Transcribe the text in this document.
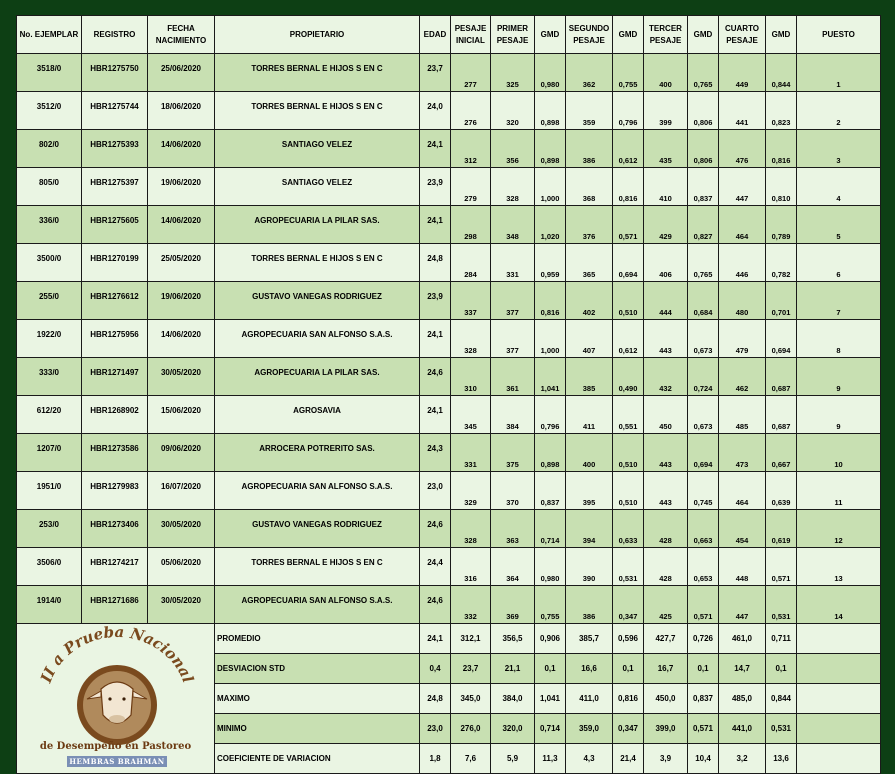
No. EJEMPLAR	REGISTRO	FECHA NACIMIENTO	PROPIETARIO	EDAD	PESAJE INICIAL	PRIMER PESAJE	GMD	SEGUNDO PESAJE	GMD	TERCER PESAJE	GMD	CUARTO PESAJE	GMD	PUESTO
3518/0	HBR1275750	25/06/2020	TORRES BERNAL E HIJOS S EN C	23,7	277	325	0,980	362	0,755	400	0,765	449	0,844	1
3512/0	HBR1275744	18/06/2020	TORRES BERNAL E HIJOS S EN C	24,0	276	320	0,898	359	0,796	399	0,806	441	0,823	2
802/0	HBR1275393	14/06/2020	SANTIAGO VELEZ	24,1	312	356	0,898	386	0,612	435	0,806	476	0,816	3
805/0	HBR1275397	19/06/2020	SANTIAGO VELEZ	23,9	279	328	1,000	368	0,816	410	0,837	447	0,810	4
336/0	HBR1275605	14/06/2020	AGROPECUARIA LA PILAR SAS.	24,1	298	348	1,020	376	0,571	429	0,827	464	0,789	5
3500/0	HBR1270199	25/05/2020	TORRES BERNAL E HIJOS S EN C	24,8	284	331	0,959	365	0,694	406	0,765	446	0,782	6
255/0	HBR1276612	19/06/2020	GUSTAVO VANEGAS RODRIGUEZ	23,9	337	377	0,816	402	0,510	444	0,684	480	0,701	7
1922/0	HBR1275956	14/06/2020	AGROPECUARIA SAN ALFONSO S.A.S.	24,1	328	377	1,000	407	0,612	443	0,673	479	0,694	8
333/0	HBR1271497	30/05/2020	AGROPECUARIA LA PILAR SAS.	24,6	310	361	1,041	385	0,490	432	0,724	462	0,687	9
612/20	HBR1268902	15/06/2020	AGROSAVIA	24,1	345	384	0,796	411	0,551	450	0,673	485	0,687	9
1207/0	HBR1273586	09/06/2020	ARROCERA POTRERITO SAS.	24,3	331	375	0,898	400	0,510	443	0,694	473	0,667	10
1951/0	HBR1279983	16/07/2020	AGROPECUARIA SAN ALFONSO S.A.S.	23,0	329	370	0,837	395	0,510	443	0,745	464	0,639	11
253/0	HBR1273406	30/05/2020	GUSTAVO VANEGAS RODRIGUEZ	24,6	328	363	0,714	394	0,633	428	0,663	454	0,619	12
3506/0	HBR1274217	05/06/2020	TORRES BERNAL E HIJOS S EN C	24,4	316	364	0,980	390	0,531	428	0,653	448	0,571	13
1914/0	HBR1271686	30/05/2020	AGROPECUARIA SAN ALFONSO S.A.S.	24,6	332	369	0,755	386	0,347	425	0,571	447	0,531	14

II a Prueba Nacional
de Desempeño en Pastoreo
HEMBRAS BRAHMAN			PROMEDIO	24,1	312,1	356,5	0,906	385,7	0,596	427,7	0,726	461,0	0,711	
			DESVIACION STD	0,4	23,7	21,1	0,1	16,6	0,1	16,7	0,1	14,7	0,1	
			MAXIMO	24,8	345,0	384,0	1,041	411,0	0,816	450,0	0,837	485,0	0,844	
			MINIMO	23,0	276,0	320,0	0,714	359,0	0,347	399,0	0,571	441,0	0,531	
			COEFICIENTE DE VARIACION	1,8	7,6	5,9	11,3	4,3	21,4	3,9	10,4	3,2	13,6	
